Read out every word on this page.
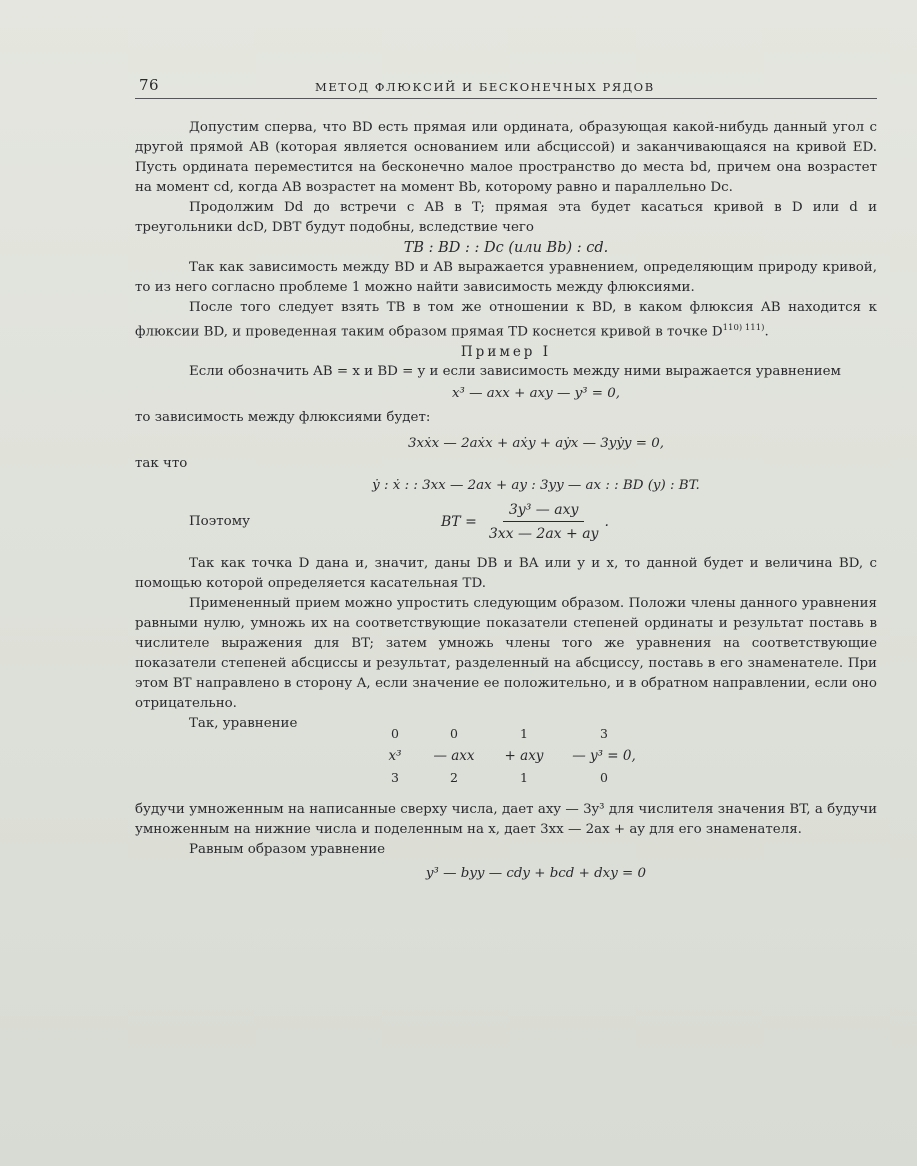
76	МЕТОД ФЛЮКСИЙ И БЕСКОНЕЧНЫХ РЯДОВ

Допустим сперва, что BD есть прямая или ордината, образующая какой-нибудь данный угол с другой прямой AB (которая является основанием или абсциссой) и заканчивающаяся на кривой ED. Пусть ордината переместится на бесконечно малое пространство до места bd, причем она возрастет на момент cd, когда AB возрастет на момент Bb, которому равно и параллельно Dc.

Продолжим Dd до встречи с AB в T; прямая эта будет касаться кривой в D или d и треугольники dcD, DBT будут подобны, вследствие чего

TB : BD : : Dc (или Bb) : cd.

Так как зависимость между BD и AB выражается уравнением, определяющим природу кривой, то из него согласно проблеме 1 можно найти зависимость между флюксиями.

После того следует взять TB в том же отношении к BD, в каком флюксия AB находится к флюксии BD, и проведенная таким образом прямая TD коснется кривой в точке $D^{110) 111)}$.

Пример I

Если обозначить AB = x и BD = y и если зависимость между ними выражается уравнением

x³ — axx + axy — y³ = 0,

то зависимость между флюксиями будет:

3xẋx — 2aẋx + aẋy + aẏx — 3yẏy = 0,

так что

ẏ : ẋ : : 3xx — 2ax + ay : 3yy — ax : : BD (y) : BT.

Поэтому	BT = $\frac{\text{3y³ — axy}}{3xx — 2ax + ay}$ .

Так как точка D дана и, значит, даны DB и BA или y и x, то данной будет и величина BD, с помощью которой определяется касательная TD.

Примененный прием можно упростить следующим образом. Положи члены данного уравнения равными нулю, умножь их на соответствующие показатели степеней ординаты и результат поставь в числителе выражения для BT; затем умножь члены того же уравнения на соответствующие показатели степеней абсциссы и результат, разделенный на абсциссу, поставь в его знаменателе. При этом BT направлено в сторону A, если значение ее положительно, и в обратном направлении, если оно отрицательно.

Так, уравнение
0	0	1	3
x³	— axx	+ axy	— y³ = 0,
3	2	1	0

будучи умноженным на написанные сверху числа, дает axy — 3y³ для числителя значения BT, а будучи умноженным на нижние числа и поделенным на x, дает 3xx — 2ax + ay для его знаменателя.

Равным образом уравнение

y³ — byy — cdy + bcd + dxy = 0
